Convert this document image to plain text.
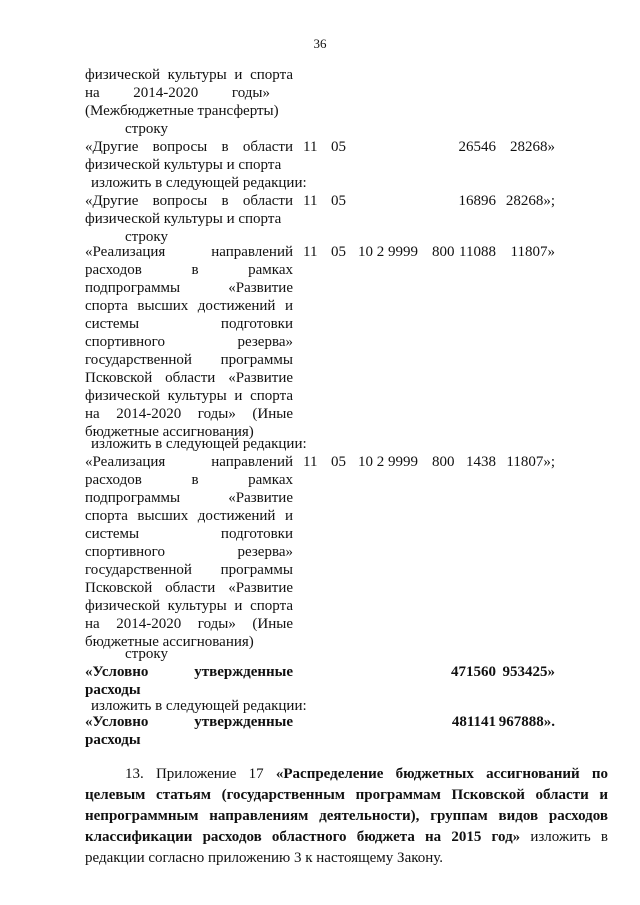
36
физической культуры и спорта
на 2014-2020 годы»
(Межбюджетные трансферты)
строку
«Другие вопросы в области
физической культуры и спорта
11 05	26546 28268»
изложить в следующей редакции:
«Другие вопросы в области
физической культуры и спорта
11 05	16896 28268»;
строку
«Реализация направлений
расходов в рамках
подпрограммы «Развитие
спорта высших достижений и
системы подготовки
спортивного резерва»
государственной программы
Псковской области «Развитие
физической культуры и спорта
на 2014-2020 годы» (Иные
бюджетные ассигнования)
11 05 10 2 9999 800 11088 11807»
изложить в следующей редакции:
«Реализация направлений
расходов в рамках
подпрограммы «Развитие
спорта высших достижений и
системы подготовки
спортивного резерва»
государственной программы
Псковской области «Развитие
физической культуры и спорта
на 2014-2020 годы» (Иные
бюджетные ассигнования)
11 05 10 2 9999 800 1438 11807»;
строку
«Условно утвержденные
расходы
471560 953425»
изложить в следующей редакции:
«Условно утвержденные
расходы
481141 967888».
13. Приложение 17 «Распределение бюджетных ассигнований по целевым статьям (государственным программам Псковской области и непрограммным направлениям деятельности), группам видов расходов классификации расходов областного бюджета на 2015 год» изложить в редакции согласно приложению 3 к настоящему Закону.
